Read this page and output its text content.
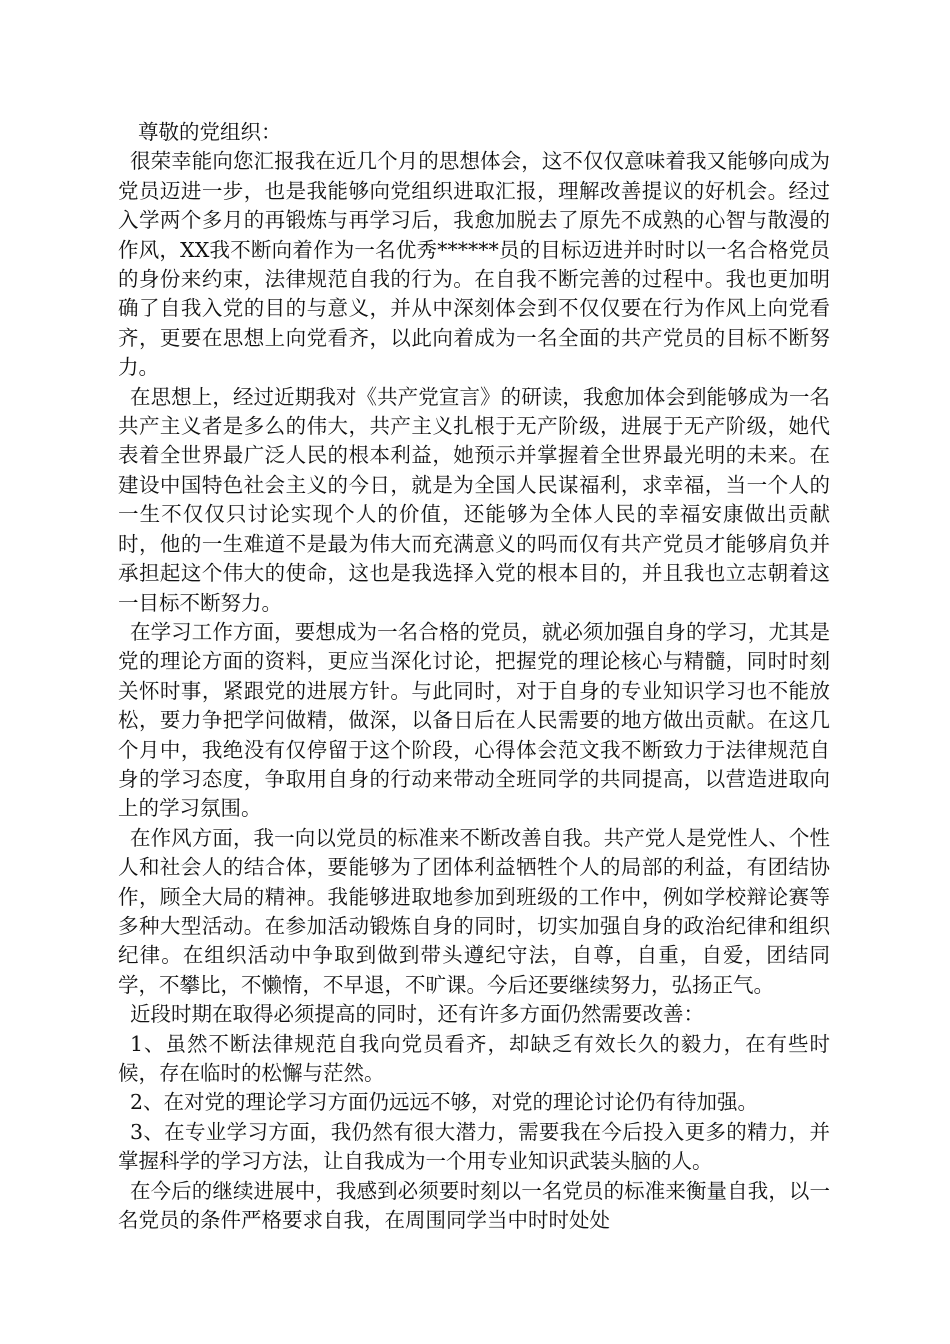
尊敬的党组织：

很荣幸能向您汇报我在近几个月的思想体会，这不仅仅意味着我又能够向成为党员迈进一步，也是我能够向党组织进取汇报，理解改善提议的好机会。经过入学两个多月的再锻炼与再学习后，我愈加脱去了原先不成熟的心智与散漫的作风，XX我不断向着作为一名优秀******员的目标迈进并时时以一名合格党员的身份来约束，法律规范自我的行为。在自我不断完善的过程中。我也更加明确了自我入党的目的与意义，并从中深刻体会到不仅仅要在行为作风上向党看齐，更要在思想上向党看齐，以此向着成为一名全面的共产党员的目标不断努力。

在思想上，经过近期我对《共产党宣言》的研读，我愈加体会到能够成为一名共产主义者是多么的伟大，共产主义扎根于无产阶级，进展于无产阶级，她代表着全世界最广泛人民的根本利益，她预示并掌握着全世界最光明的未来。在建设中国特色社会主义的今日，就是为全国人民谋福利，求幸福，当一个人的一生不仅仅只讨论实现个人的价值，还能够为全体人民的幸福安康做出贡献时，他的一生难道不是最为伟大而充满意义的吗而仅有共产党员才能够肩负并承担起这个伟大的使命，这也是我选择入党的根本目的，并且我也立志朝着这一目标不断努力。

在学习工作方面，要想成为一名合格的党员，就必须加强自身的学习，尤其是党的理论方面的资料，更应当深化讨论，把握党的理论核心与精髓，同时时刻关怀时事，紧跟党的进展方针。与此同时，对于自身的专业知识学习也不能放松，要力争把学问做精，做深，以备日后在人民需要的地方做出贡献。在这几个月中，我绝没有仅停留于这个阶段，心得体会范文我不断致力于法律规范自身的学习态度，争取用自身的行动来带动全班同学的共同提高，以营造进取向上的学习氛围。

在作风方面，我一向以党员的标准来不断改善自我。共产党人是党性人、个性人和社会人的结合体，要能够为了团体利益牺牲个人的局部的利益，有团结协作，顾全大局的精神。我能够进取地参加到班级的工作中，例如学校辩论赛等多种大型活动。在参加活动锻炼自身的同时，切实加强自身的政治纪律和组织纪律。在组织活动中争取到做到带头遵纪守法，自尊，自重，自爱，团结同学，不攀比，不懒惰，不早退，不旷课。今后还要继续努力，弘扬正气。

近段时期在取得必须提高的同时，还有许多方面仍然需要改善：

1、虽然不断法律规范自我向党员看齐，却缺乏有效长久的毅力，在有些时候，存在临时的松懈与茫然。

2、在对党的理论学习方面仍远远不够，对党的理论讨论仍有待加强。

3、在专业学习方面，我仍然有很大潜力，需要我在今后投入更多的精力，并掌握科学的学习方法，让自我成为一个用专业知识武装头脑的人。

在今后的继续进展中，我感到必须要时刻以一名党员的标准来衡量自我，以一名党员的条件严格要求自我，在周围同学当中时时处处
